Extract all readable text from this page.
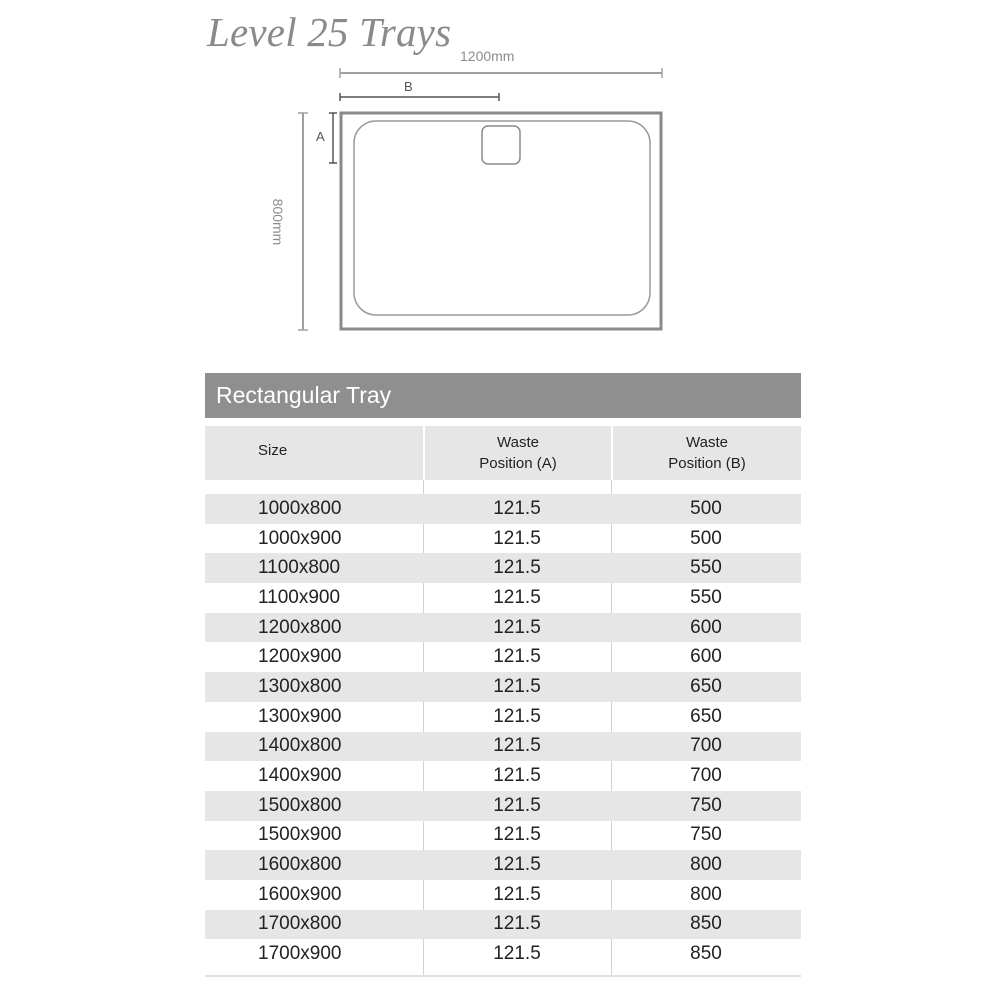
Level 25 Trays
1200mm
B
A
800mm
Rectangular Tray
Size	Waste
Position (A)
Waste
Position (B)
1000x800	121.5	500
1000x900	121.5	500
1100x800	121.5	550
1100x900	121.5	550
1200x800	121.5	600
1200x900	121.5	600
1300x800	121.5	650
1300x900	121.5	650
1400x800	121.5	700
1400x900	121.5	700
1500x800	121.5	750
1500x900	121.5	750
1600x800	121.5	800
1600x900	121.5	800
1700x800	121.5	850
1700x900	121.5	850
